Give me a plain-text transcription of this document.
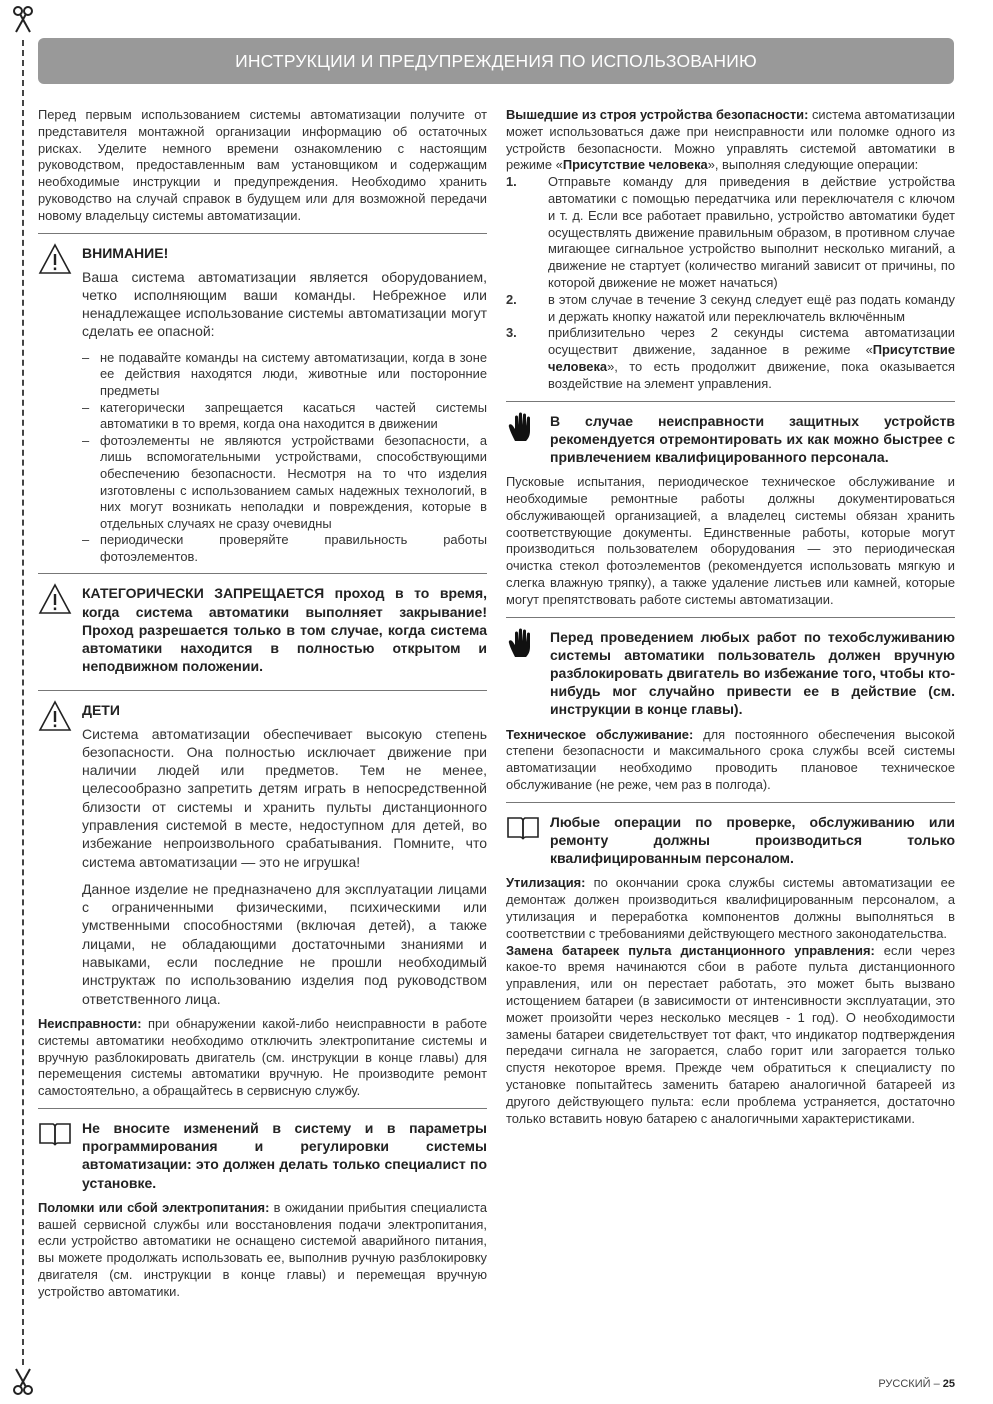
ИНСТРУКЦИИ И ПРЕДУПРЕЖДЕНИЯ ПО ИСПОЛЬЗОВАНИЮ

Перед первым использованием системы автоматизации получите от представителя монтажной организации информацию об остаточных рисках. Уделите немного времени ознакомлению с настоящим руководством, предоставленным вам установщиком и содержащим необходимые инструкции и предупреждения. Необходимо хранить руководство на случай справок в будущем или для возможной передачи новому владельцу системы автоматизации.

ВНИМАНИЕ!

Ваша система автоматизации является оборудованием, четко исполняющим ваши команды. Небрежное или ненадлежащее использование системы автоматизации могут сделать ее опасной:

– не подавайте команды на систему автоматизации, когда в зоне ее действия находятся люди, животные или посторонние предметы
– категорически запрещается касаться частей системы автоматики в то время, когда она находится в движении
– фотоэлементы не являются устройствами безопасности, а лишь вспомогательными устройствами, способствующими обеспечению безопасности. Несмотря на то что изделия изготовлены с использованием самых надежных технологий, в них могут возникать неполадки и повреждения, которые в отдельных случаях не сразу очевидны
– периодически проверяйте правильность работы фотоэлементов.

КАТЕГОРИЧЕСКИ ЗАПРЕЩАЕТСЯ проход в то время, когда система автоматики выполняет закрывание! Проход разрешается только в том случае, когда система автоматики находится в полностью открытом и неподвижном положении.

ДЕТИ

Система автоматизации обеспечивает высокую степень безопасности. Она полностью исключает движение при наличии людей или предметов. Тем не менее, целесообразно запретить детям играть в непосредственной близости от системы и хранить пульты дистанционного управления системой в месте, недоступном для детей, во избежание непроизвольного срабатывания. Помните, что система автоматизации — это не игрушка!

Данное изделие не предназначено для эксплуатации лицами с ограниченными физическими, психическими или умственными способностями (включая детей), а также лицами, не обладающими достаточными знаниями и навыками, если последние не прошли необходимый инструктаж по использованию изделия под руководством ответственного лица.

Неисправности: при обнаружении какой-либо неисправности в работе системы автоматики необходимо отключить электропитание системы и вручную разблокировать двигатель (см. инструкции в конце главы) для перемещения системы автоматики вручную. Не производите ремонт самостоятельно, а обращайтесь в сервисную службу.

Не вносите изменений в систему и в параметры программирования и регулировки системы автоматизации: это должен делать только специалист по установке.

Поломки или сбой электропитания: в ожидании прибытия специалиста вашей сервисной службы или восстановления подачи электропитания, если устройство автоматики не оснащено системой аварийного питания, вы можете продолжать использовать ее, выполнив ручную разблокировку двигателя (см. инструкции в конце главы) и перемещая вручную устройство автоматики.

Вышедшие из строя устройства безопасности: система автоматизации может использоваться даже при неисправности или поломке одного из устройств безопасности. Можно управлять системой автоматики в режиме «Присутствие человека», выполняя следующие операции:

1. Отправьте команду для приведения в действие устройства автоматики с помощью передатчика или переключателя с ключом и т. д. Если все работает правильно, устройство автоматики будет осуществлять движение правильным образом, в противном случае мигающее сигнальное устройство выполнит несколько миганий, а движение не стартует (количество миганий зависит от причины, по которой движение не может начаться)
2. в этом случае в течение 3 секунд следует ещё раз подать команду и держать кнопку нажатой или переключатель включённым
3. приблизительно через 2 секунды система автоматизации осуществит движение, заданное в режиме «Присутствие человека», то есть продолжит движение, пока оказывается воздействие на элемент управления.

В случае неисправности защитных устройств рекомендуется отремонтировать их как можно быстрее с привлечением квалифицированного персонала.

Пусковые испытания, периодическое техническое обслуживание и необходимые ремонтные работы должны документироваться обслуживающей организацией, а владелец системы обязан хранить соответствующие документы. Единственные работы, которые могут производиться пользователем оборудования — это периодическая очистка стекол фотоэлементов (рекомендуется использовать мягкую и слегка влажную тряпку), а также удаление листьев или камней, которые могут препятствовать работе системы автоматизации.

Перед проведением любых работ по техобслуживанию системы автоматики пользователь должен вручную разблокировать двигатель во избежание того, чтобы кто-нибудь мог случайно привести ее в действие (см. инструкции в конце главы).

Техническое обслуживание: для постоянного обеспечения высокой степени безопасности и максимального срока службы всей системы автоматизации необходимо проводить плановое техническое обслуживание (не реже, чем раз в полгода).

Любые операции по проверке, обслуживанию или ремонту должны производиться только квалифицированным персоналом.

Утилизация: по окончании срока службы системы автоматизации ее демонтаж должен производиться квалифицированным персоналом, а утилизация и переработка компонентов должны выполняться в соответствии с требованиями действующего местного законодательства.

Замена батареек пульта дистанционного управления: если через какое-то время начинаются сбои в работе пульта дистанционного управления, или он перестает работать, это может быть вызвано истощением батареи (в зависимости от интенсивности эксплуатации, это может произойти через несколько месяцев - 1 год). О необходимости замены батареи свидетельствует тот факт, что индикатор подтверждения передачи сигнала не загорается, слабо горит или загорается только спустя некоторое время. Прежде чем обратиться к специалисту по установке попытайтесь заменить батарею аналогичной батареей из другого действующего пульта: если проблема устраняется, достаточно только вставить новую батарею с аналогичными характеристиками.

РУССКИЙ – 25
